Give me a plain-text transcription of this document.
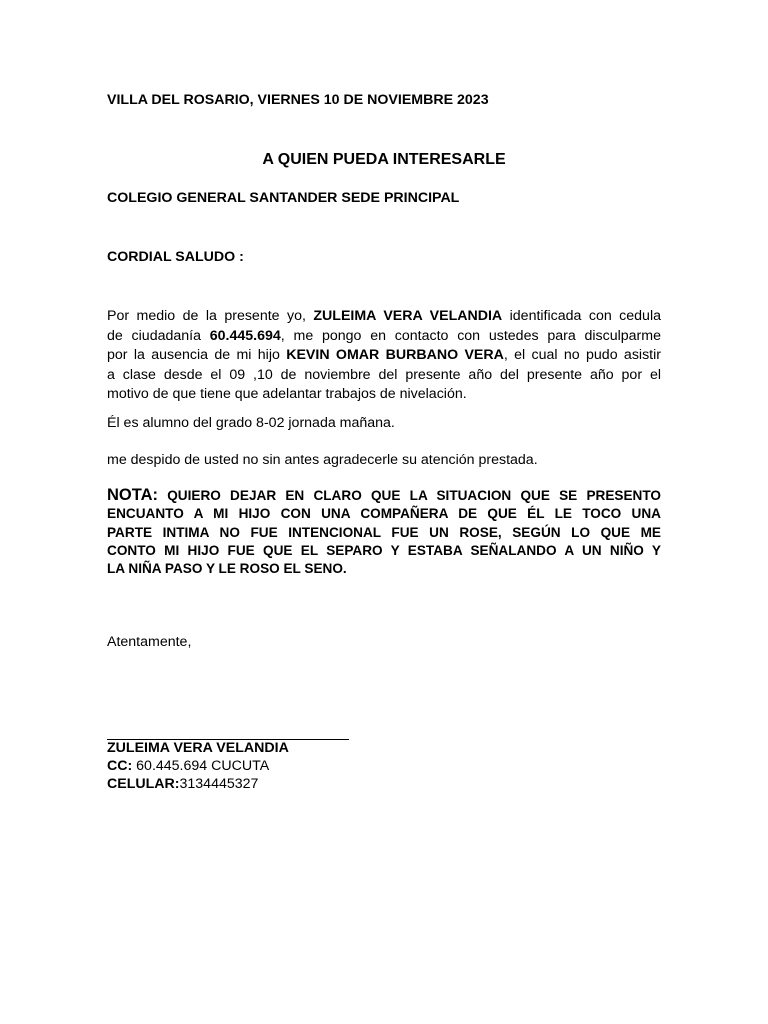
VILLA DEL ROSARIO, VIERNES 10 DE NOVIEMBRE 2023
A QUIEN PUEDA INTERESARLE
COLEGIO GENERAL SANTANDER SEDE PRINCIPAL
CORDIAL SALUDO :
Por medio de la presente yo, ZULEIMA VERA VELANDIA identificada con cedula
de ciudadanía 60.445.694, me pongo en contacto con ustedes para disculparme
por la ausencia de mi hijo KEVIN OMAR BURBANO VERA, el cual no pudo asistir
a clase desde el 09 ,10 de noviembre del presente año del presente año por el
motivo de que tiene que adelantar trabajos de nivelación.
Él es alumno del grado 8-02 jornada mañana.
me despido de usted no sin antes agradecerle su atención prestada.
NOTA: QUIERO DEJAR EN CLARO QUE LA SITUACION QUE SE PRESENTO
ENCUANTO A MI HIJO CON UNA COMPAÑERA DE QUE ÉL LE TOCO UNA
PARTE INTIMA NO FUE INTENCIONAL FUE UN ROSE, SEGÚN LO QUE ME
CONTO MI HIJO FUE QUE EL SEPARO Y ESTABA SEÑALANDO A UN NIÑO Y
LA NIÑA PASO Y LE ROSO EL SENO.
Atentamente,
ZULEIMA VERA VELANDIA
CC: 60.445.694 CUCUTA
CELULAR:3134445327
